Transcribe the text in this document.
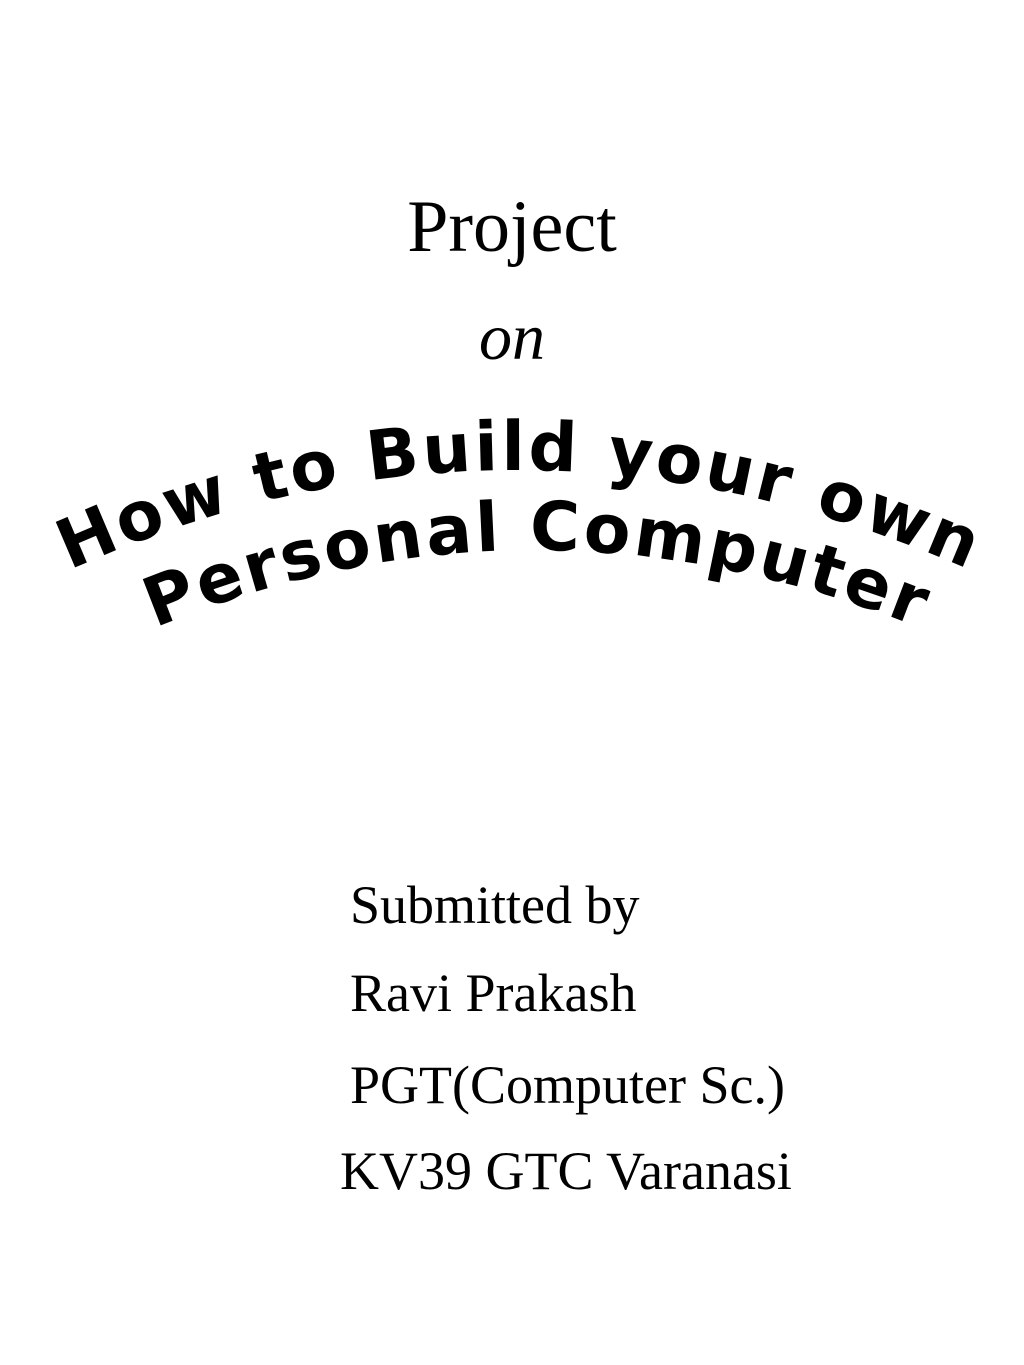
Project
on
How to Build your own
Personal Computer
Submitted by
Ravi Prakash
PGT(Computer Sc.)
KV39 GTC Varanasi
